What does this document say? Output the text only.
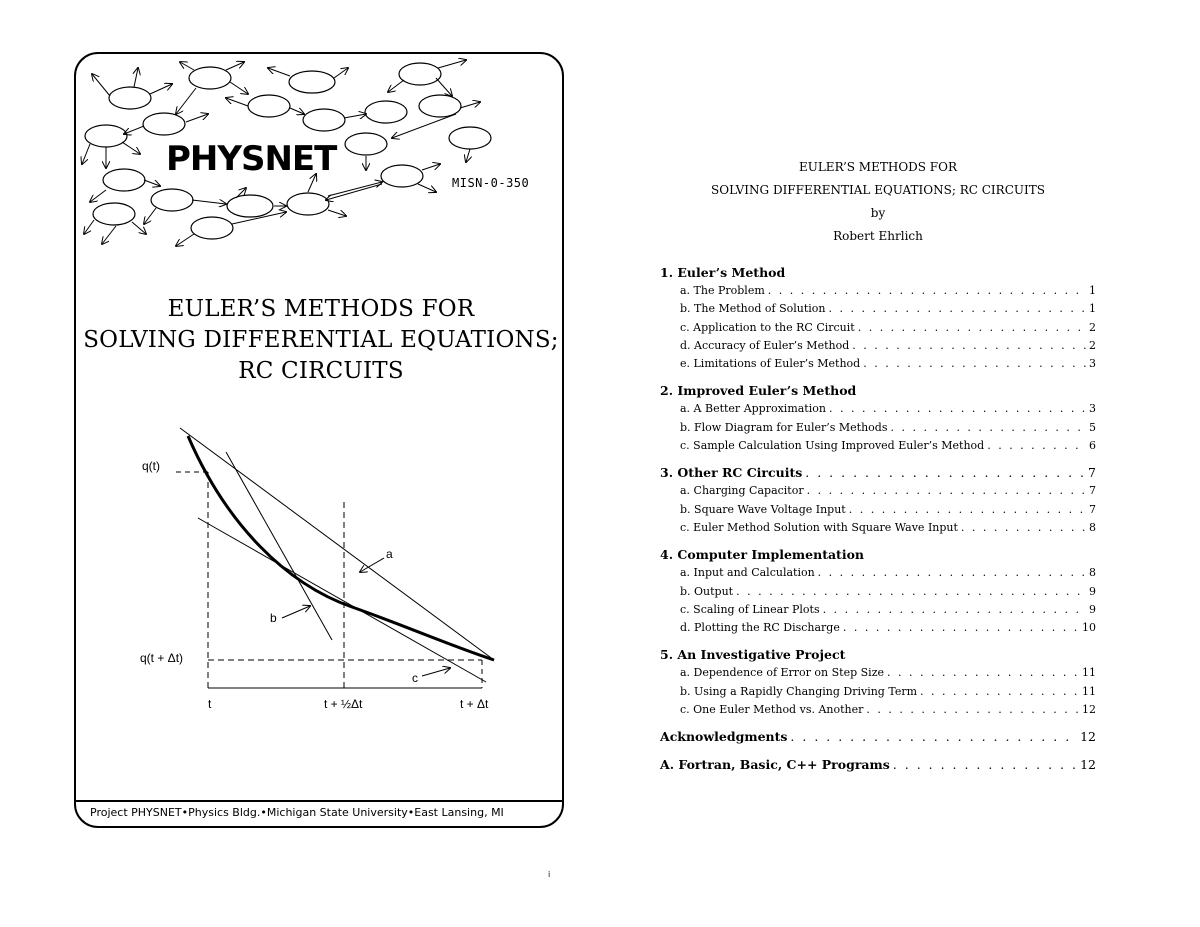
q(t)
q(t + Δt)
t	t + ½Δt	t + Δt
a
b
c
PHYSNET
MISN-0-350
EULER’S METHODS FOR
SOLVING DIFFERENTIAL EQUATIONS;
RC CIRCUITS
Project PHYSNET•Physics Bldg.•Michigan State University•East Lansing, MI
EULER’S METHODS FOR
SOLVING DIFFERENTIAL EQUATIONS; RC CIRCUITS
by
Robert Ehrlich
1. Euler’s Method
a. The Problem . . .	1
b. The Method of Solution . . .	1
c. Application to the RC Circuit . . .	2
d. Accuracy of Euler’s Method . . .	2
e. Limitations of Euler’s Method . . .	3
2. Improved Euler’s Method
a. A Better Approximation . . .	3
b. Flow Diagram for Euler’s Methods . . .	5
c. Sample Calculation Using Improved Euler’s Method . . .	6
3. Other RC Circuits . . .	7
a. Charging Capacitor . . .	7
b. Square Wave Voltage Input . . .	7
c. Euler Method Solution with Square Wave Input . . .	8
4. Computer Implementation
a. Input and Calculation . . .	8
b. Output . . .	9
c. Scaling of Linear Plots . . .	9
d. Plotting the RC Discharge . . .	10
5. An Investigative Project
a. Dependence of Error on Step Size . . .	11
b. Using a Rapidly Changing Driving Term . . .	11
c. One Euler Method vs. Another . . .	12
Acknowledgments . . .	12
A. Fortran, Basic, C++ Programs . . .	12
i
